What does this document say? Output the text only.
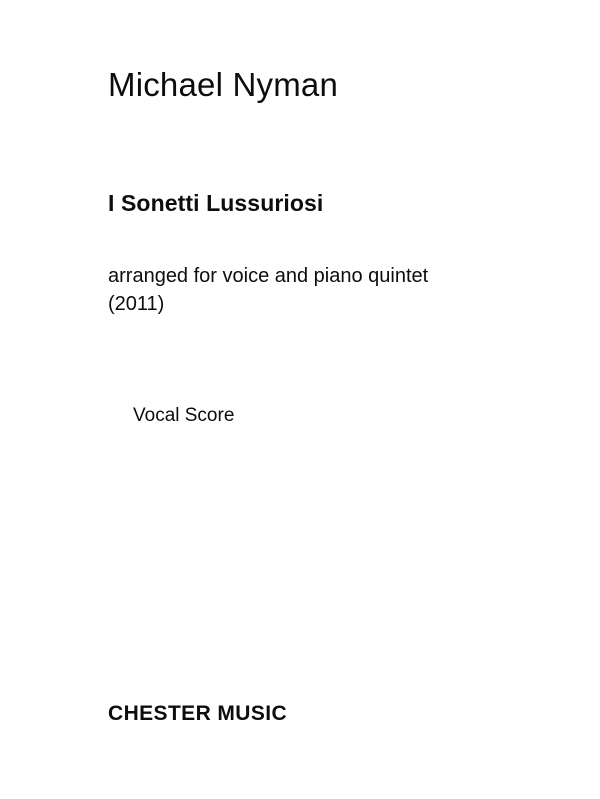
Michael Nyman
I Sonetti Lussuriosi
arranged for voice and piano quintet
(2011)
Vocal Score
CHESTER MUSIC
